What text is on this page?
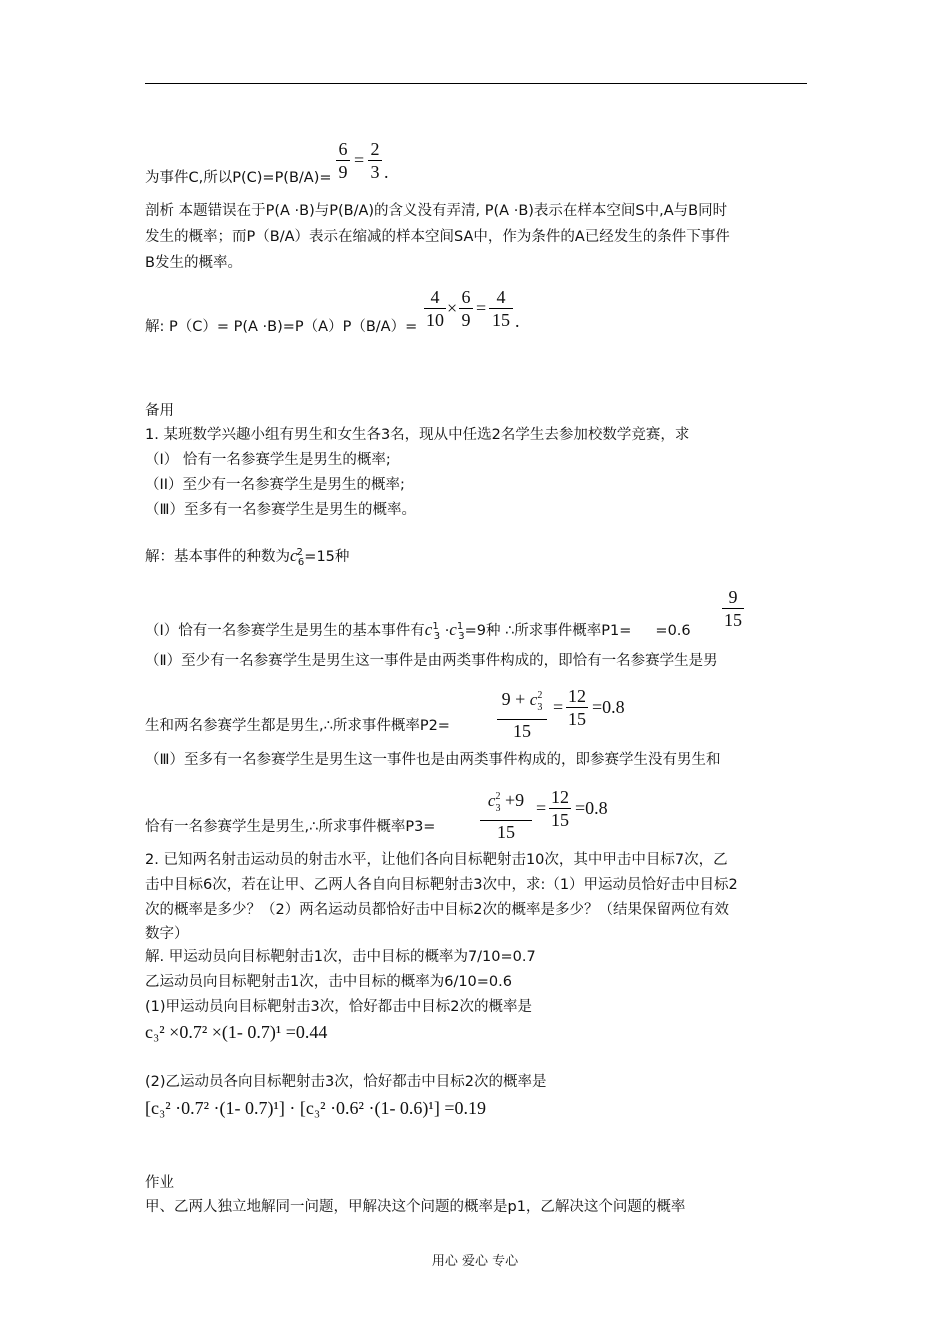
为事件C,所以P(C)=P(B/A)=
6
9
=
2
3 .
剖析 本题错误在于P(A ·B)与P(B/A)的含义没有弄清, P(A ·B)表示在样本空间S中,A与B同时
发生的概率；而P（B/A）表示在缩减的样本空间SA中，作为条件的A已经发生的条件下事件
B发生的概率。
解: P（C）= P(A ·B)=P（A）P（B/A）=
4
10
×
6
9
=
4
15 .
备用
1. 某班数学兴趣小组有男生和女生各3名，现从中任选2名学生去参加校数学竞赛，求
（I） 恰有一名参赛学生是男生的概率;
（II）至少有一名参赛学生是男生的概率;
（Ⅲ）至多有一名参赛学生是男生的概率。
解：基本事件的种数为$c^2_6=15$种
（Ⅰ）恰有一名参赛学生是男生的基本事件有$c^1_3 \cdot c^1_3=9$种 ∴所求事件概率P1= =0.6
9
15
（Ⅱ）至少有一名参赛学生是男生这一事件是由两类事件构成的，即恰有一名参赛学生是男
生和两名参赛学生都是男生,∴所求事件概率P2=
$9 + c^2_3$
15
=
12
15
=0.8
（Ⅲ）至多有一名参赛学生是男生这一事件也是由两类事件构成的，即参赛学生没有男生和
恰有一名参赛学生是男生,∴所求事件概率P3=
$c^2_3 +9$
15
=
12
15
=0.8
2. 已知两名射击运动员的射击水平，让他们各向目标靶射击10次，其中甲击中目标7次，乙
击中目标6次，若在让甲、乙两人各自向目标靶射击3次中，求:（1）甲运动员恰好击中目标2
次的概率是多少？（2）两名运动员都恰好击中目标2次的概率是多少？（结果保留两位有效
数字）
解. 甲运动员向目标靶射击1次，击中目标的概率为7/10=0.7
乙运动员向目标靶射击1次，击中目标的概率为6/10=0.6
(1)甲运动员向目标靶射击3次，恰好都击中目标2次的概率是
c₃² ×0.7² ×(1- 0.7)¹ =0.44
(2)乙运动员各向目标靶射击3次，恰好都击中目标2次的概率是
[c₃² ·0.7² ·(1- 0.7)¹] · [c₃² ·0.6² ·(1- 0.6)¹] =0.19
作业
甲、乙两人独立地解同一问题，甲解决这个问题的概率是p1，乙解决这个问题的概率
用心 爱心 专心
